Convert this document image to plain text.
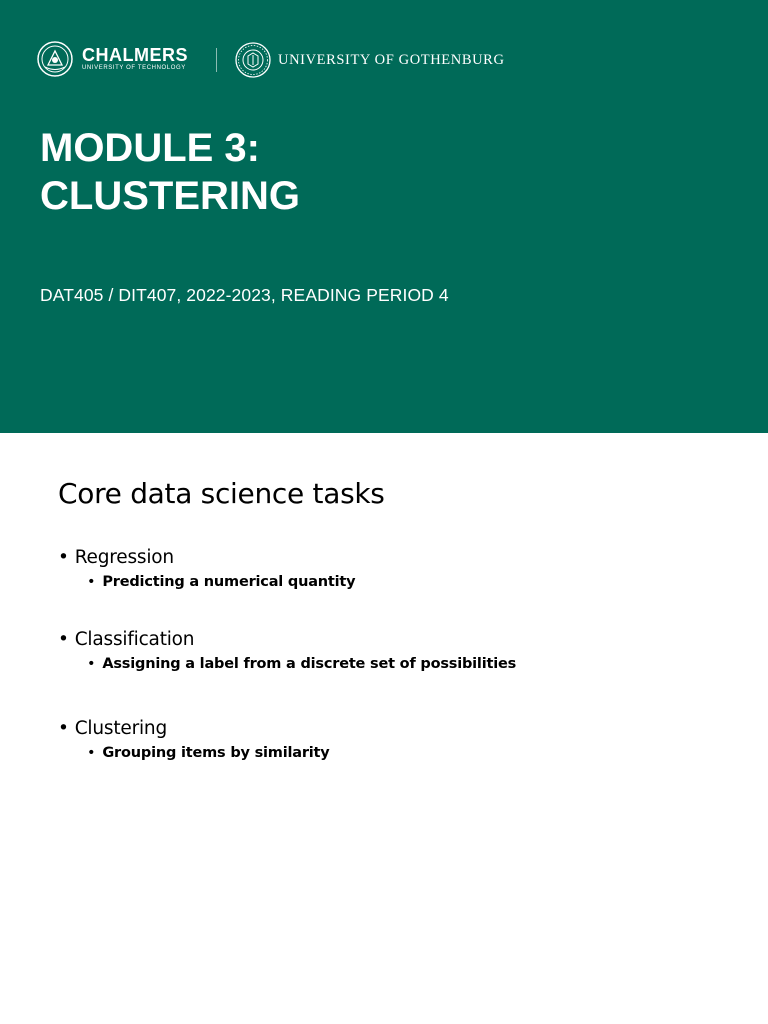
CHALMERS
UNIVERSITY OF TECHNOLOGY	UNIVERSITY OF GOTHENBURG
MODULE 3:
CLUSTERING
DAT405 / DIT407, 2022-2023, READING PERIOD 4
Core data science tasks
• Regression
• Predicting a numerical quantity
• Classification
• Assigning a label from a discrete set of possibilities
• Clustering
• Grouping items by similarity
